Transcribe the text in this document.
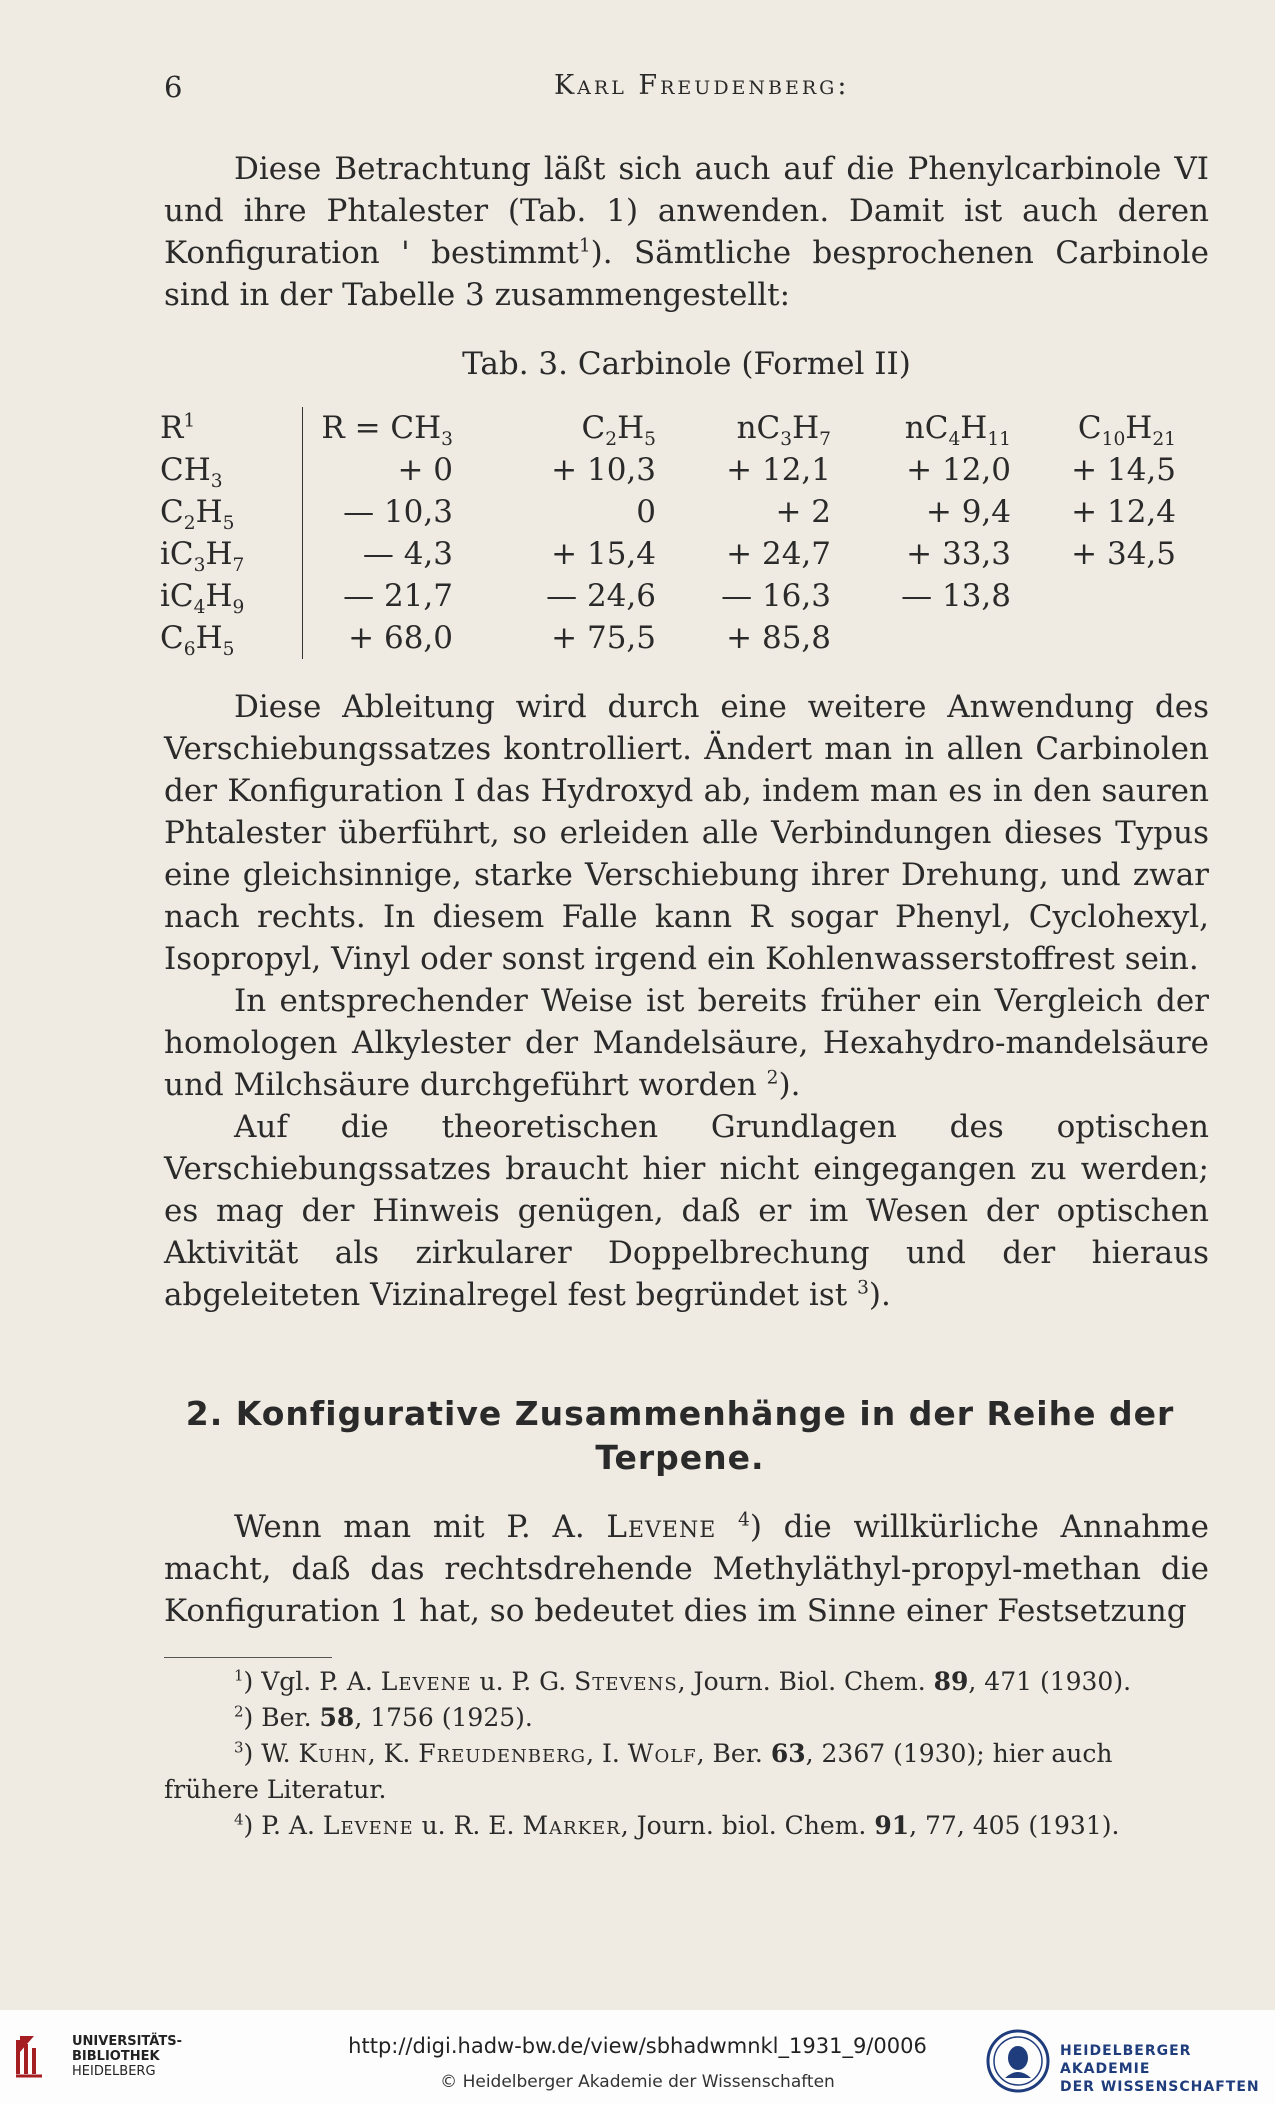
6	Karl Freudenberg:

Diese Betrachtung läßt sich auch auf die Phenylcarbinole VI und ihre Phtalester (Tab. 1) anwenden. Damit ist auch deren Konfiguration ' bestimmt$^1$). Sämtliche besprochenen Carbinole sind in der Tabelle 3 zusammengestellt:

Tab. 3. Carbinole (Formel II)
$R^1$	$R = CH_3$	$C_2H_5$	$nC_3H_7$	$nC_4H_{11}$	$C_{10}H_{21}$
$CH_3$	+ 0	+ 10,3	+ 12,1	+ 12,0	+ 14,5
$C_2H_5$	— 10,3	0	+ 2	+ 9,4	+ 12,4
$iC_3H_7$	— 4,3	+ 15,4	+ 24,7	+ 33,3	+ 34,5
$iC_4H_9$	— 21,7	— 24,6	— 16,3	— 13,8	
$C_6H_5$	+ 68,0	+ 75,5	+ 85,8		

Diese Ableitung wird durch eine weitere Anwendung des Verschiebungssatzes kontrolliert. Ändert man in allen Carbinolen der Konfiguration I das Hydroxyd ab, indem man es in den sauren Phtalester überführt, so erleiden alle Verbindungen dieses Typus eine gleichsinnige, starke Verschiebung ihrer Drehung, und zwar nach rechts. In diesem Falle kann R sogar Phenyl, Cyclohexyl, Isopropyl, Vinyl oder sonst irgend ein Kohlenwasserstoffrest sein.

In entsprechender Weise ist bereits früher ein Vergleich der homologen Alkylester der Mandelsäure, Hexahydro-mandelsäure und Milchsäure durchgeführt worden $^2$).

Auf die theoretischen Grundlagen des optischen Verschiebungssatzes braucht hier nicht eingegangen zu werden; es mag der Hinweis genügen, daß er im Wesen der optischen Aktivität als zirkularer Doppelbrechung und der hieraus abgeleiteten Vizinalregel fest begründet ist $^3$).

2. Konfigurative Zusammenhänge in der Reihe der
Terpene.

Wenn man mit P. A. Levene $^4$) die willkürliche Annahme macht, daß das rechtsdrehende Methyläthyl-propyl-methan die Konfiguration 1 hat, so bedeutet dies im Sinne einer Festsetzung

$^1$) Vgl. P. A. Levene u. P. G. Stevens, Journ. Biol. Chem. 89, 471 (1930).
$^2$) Ber. 58, 1756 (1925).
$^3$) W. Kuhn, K. Freudenberg, I. Wolf, Ber. 63, 2367 (1930); hier auch frühere Literatur.
$^4$) P. A. Levene u. R. E. Marker, Journ. biol. Chem. 91, 77, 405 (1931).
UNIVERSITÄTS-
BIBLIOTHEK
HEIDELBERG
http://digi.hadw-bw.de/view/sbhadwmnkl_1931_9/0006
© Heidelberger Akademie der Wissenschaften
HEIDELBERGER AKADEMIE
DER WISSENSCHAFTEN
